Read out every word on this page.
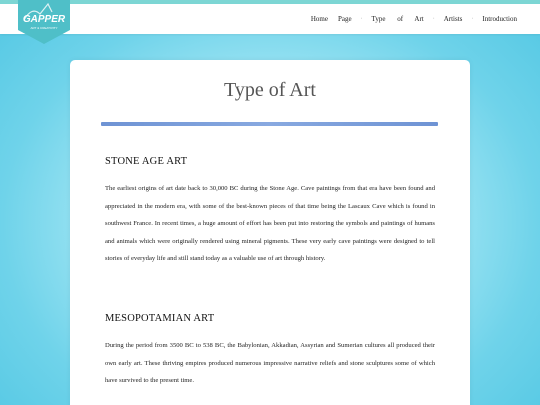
GAPPER
ART & CREATIVITY
Home	Page	·	Type of Art	·	Artists	·	Introduction
Type of Art
STONE AGE ART

The earliest origins of art date back to 30,000 BC during the Stone Age. Cave paintings from that era have been found and appreciated in the modern era, with some of the best-known pieces of that time being the Lascaux Cave which is found in southwest France. In recent times, a huge amount of effort has been put into restoring the symbols and paintings of humans and animals which were originally rendered using mineral pigments. These very early cave paintings were designed to tell stories of everyday life and still stand today as a valuable use of art through history.

MESOPOTAMIAN ART

During the period from 3500 BC to 538 BC, the Babylonian, Akkadian, Assyrian and Sumerian cultures all produced their own early art. These thriving empires produced numerous impressive narrative reliefs and stone sculptures some of which have survived to the present time.
